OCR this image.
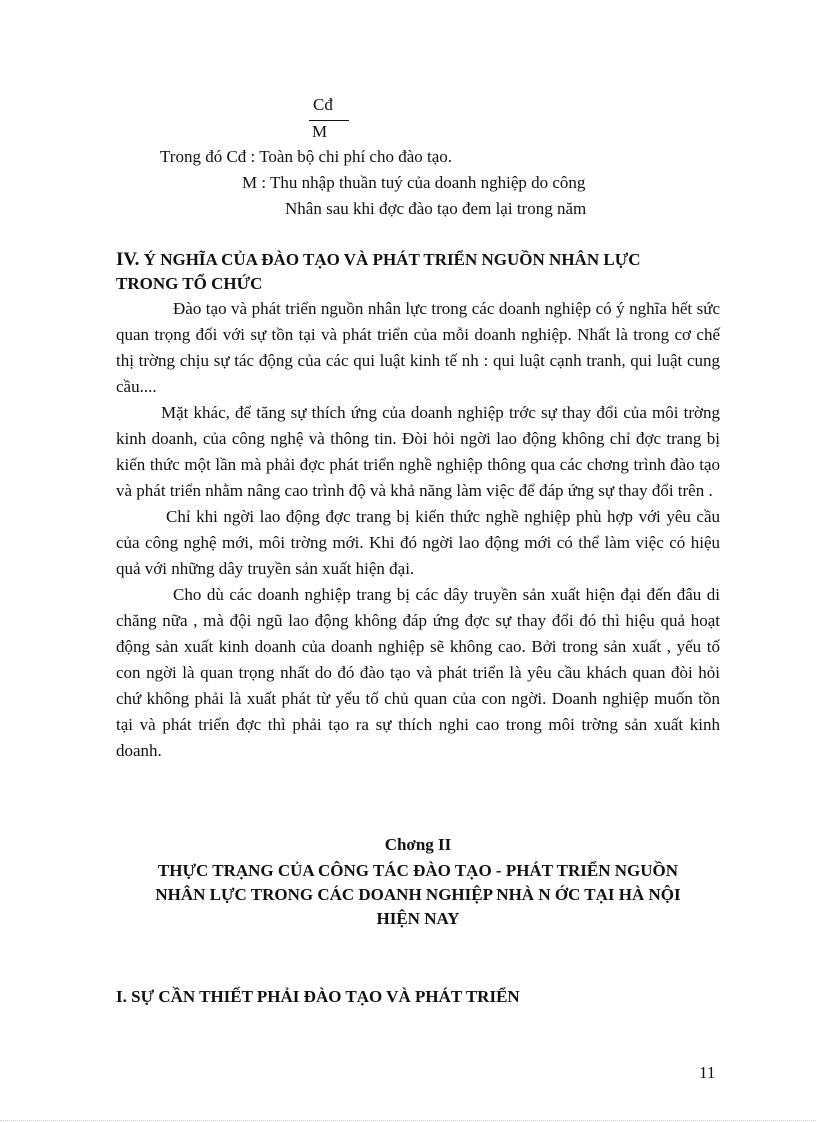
Cđ
M
Trong đó Cđ : Toàn bộ chi phí cho đào tạo.
M : Thu nhập thuần tuý của doanh nghiệp do công
Nhân sau khi đợc đào tạo đem lại trong năm
IV. Ý NGHĨA CỦA ĐÀO TẠO VÀ PHÁT TRIỂN NGUỒN NHÂN LỰC
TRONG TỔ CHỨC

Đào tạo và phát triển nguồn nhân lực trong các doanh nghiệp có ý nghĩa hết sức quan trọng đối với sự tồn tại và phát triển của mỗi doanh nghiệp. Nhất là trong cơ chế thị trờng chịu sự tác động của các qui luật kinh tế nh : qui luật cạnh tranh, qui luật cung cầu....

Mặt khác, để tăng sự thích ứng của doanh nghiệp trớc sự thay đổi của môi trờng kinh doanh, của công nghệ và thông tin. Đòi hỏi ngời lao động không chỉ đợc trang bị kiến thức một lần mà phải đợc phát triển nghề nghiệp thông qua các chơng trình đào tạo và phát triển nhằm nâng cao trình độ và khả năng làm việc để đáp ứng sự thay đổi trên .

Chỉ khi ngời lao động đợc trang bị kiến thức nghề nghiệp phù hợp với yêu cầu của công nghệ mới, môi trờng mới. Khi đó ngời lao động mới có thể làm việc có hiệu quả với những dây truyền sản xuất hiện đại.

Cho dù các doanh nghiệp trang bị các dây truyền sản xuất hiện đại đến đâu di chăng nữa , mà đội ngũ lao động không đáp ứng đợc sự thay đổi đó thì hiệu quả hoạt động sản xuất kinh doanh của doanh nghiệp sẽ không cao. Bởi trong sản xuất , yếu tố con ngời là quan trọng nhất do đó đào tạo và phát triển là yêu cầu khách quan đòi hỏi chứ không phải là xuất phát từ yếu tố chủ quan của con ngời. Doanh nghiệp muốn tồn tại và phát triển đợc thì phải tạo ra sự thích nghi cao trong môi trờng sản xuất kinh doanh.

Chơng II
THỰC TRẠNG CỦA CÔNG TÁC ĐÀO TẠO - PHÁT TRIỂN NGUỒN
NHÂN LỰC TRONG CÁC DOANH NGHIỆP NHÀ N ỚC TẠI HÀ NỘI
HIỆN NAY
I. SỰ CẦN THIẾT PHẢI ĐÀO TẠO VÀ PHÁT TRIỂN
11
